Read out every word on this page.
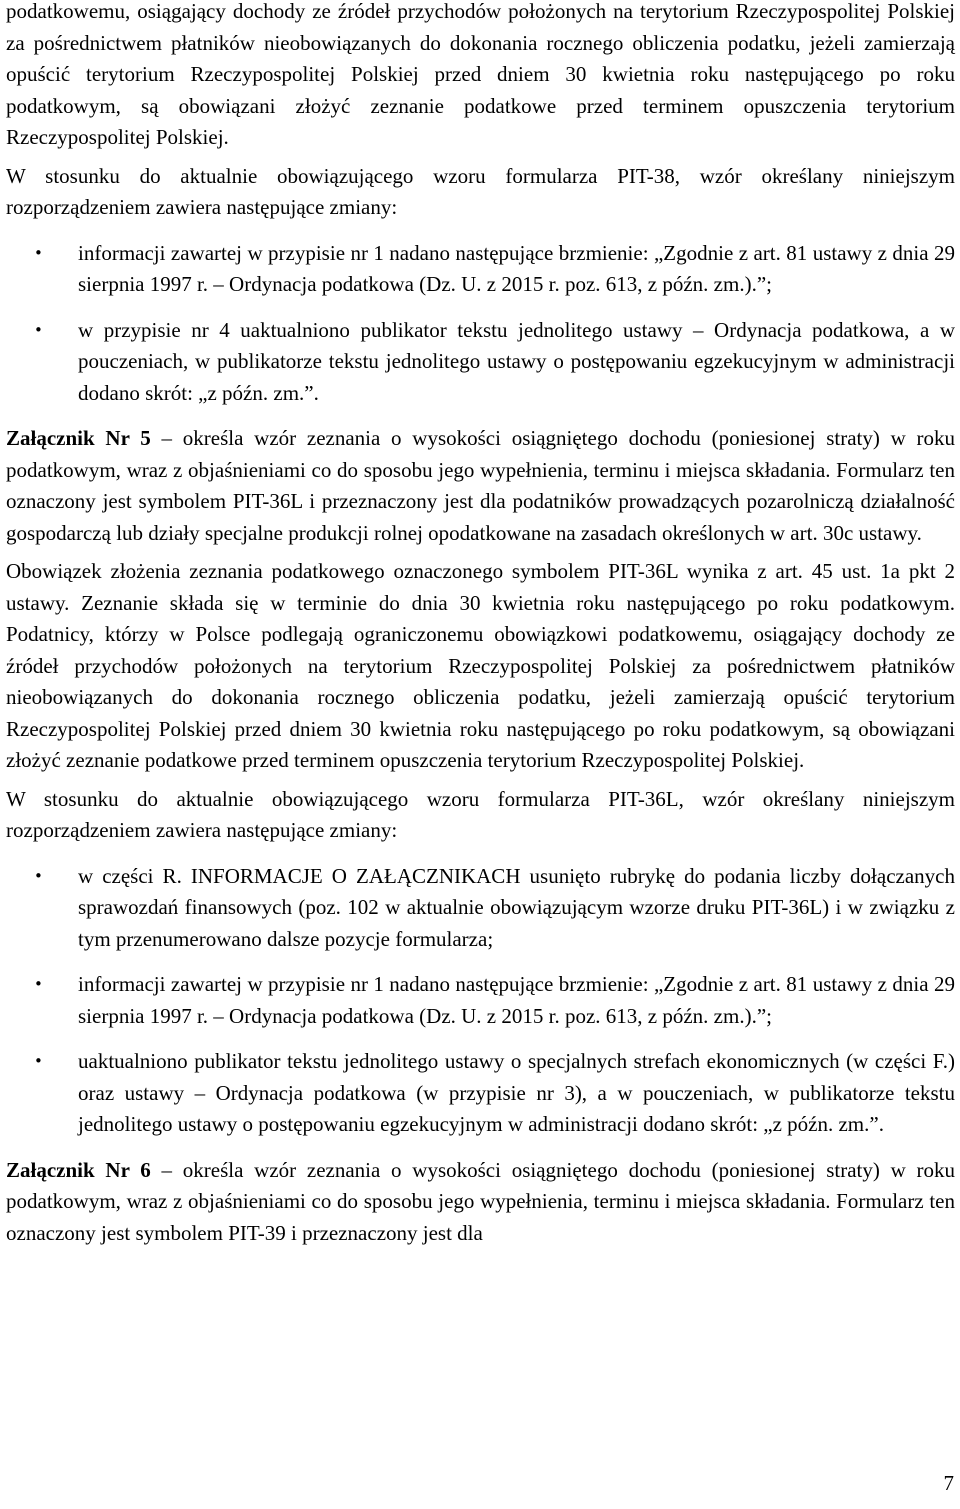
podatkowemu, osiągający dochody ze źródeł przychodów położonych na terytorium Rzeczypospolitej Polskiej za pośrednictwem płatników nieobowiązanych do dokonania rocznego obliczenia podatku, jeżeli zamierzają opuścić terytorium Rzeczypospolitej Polskiej przed dniem 30 kwietnia roku następującego po roku podatkowym, są obowiązani złożyć zeznanie podatkowe przed terminem opuszczenia terytorium Rzeczypospolitej Polskiej.

W stosunku do aktualnie obowiązującego wzoru formularza PIT-38, wzór określany niniejszym rozporządzeniem zawiera następujące zmiany:

• informacji zawartej w przypisie nr 1 nadano następujące brzmienie: „Zgodnie z art. 81 ustawy z dnia 29 sierpnia 1997 r. – Ordynacja podatkowa (Dz. U. z 2015 r. poz. 613, z późn. zm.).”;
• w przypisie nr 4 uaktualniono publikator tekstu jednolitego ustawy – Ordynacja podatkowa, a w pouczeniach, w publikatorze tekstu jednolitego ustawy o postępowaniu egzekucyjnym w administracji dodano skrót: „z późn. zm.”.

Załącznik Nr 5 – określa wzór zeznania o wysokości osiągniętego dochodu (poniesionej straty) w roku podatkowym, wraz z objaśnieniami co do sposobu jego wypełnienia, terminu i miejsca składania. Formularz ten oznaczony jest symbolem PIT-36L i przeznaczony jest dla podatników prowadzących pozarolniczą działalność gospodarczą lub działy specjalne produkcji rolnej opodatkowane na zasadach określonych w art. 30c ustawy.

Obowiązek złożenia zeznania podatkowego oznaczonego symbolem PIT-36L wynika z art. 45 ust. 1a pkt 2 ustawy. Zeznanie składa się w terminie do dnia 30 kwietnia roku następującego po roku podatkowym. Podatnicy, którzy w Polsce podlegają ograniczonemu obowiązkowi podatkowemu, osiągający dochody ze źródeł przychodów położonych na terytorium Rzeczypospolitej Polskiej za pośrednictwem płatników nieobowiązanych do dokonania rocznego obliczenia podatku, jeżeli zamierzają opuścić terytorium Rzeczypospolitej Polskiej przed dniem 30 kwietnia roku następującego po roku podatkowym, są obowiązani złożyć zeznanie podatkowe przed terminem opuszczenia terytorium Rzeczypospolitej Polskiej.

W stosunku do aktualnie obowiązującego wzoru formularza PIT-36L, wzór określany niniejszym rozporządzeniem zawiera następujące zmiany:

• w części R. INFORMACJE O ZAŁĄCZNIKACH usunięto rubrykę do podania liczby dołączanych sprawozdań finansowych (poz. 102 w aktualnie obowiązującym wzorze druku PIT-36L) i w związku z tym przenumerowano dalsze pozycje formularza;
• informacji zawartej w przypisie nr 1 nadano następujące brzmienie: „Zgodnie z art. 81 ustawy z dnia 29 sierpnia 1997 r. – Ordynacja podatkowa (Dz. U. z 2015 r. poz. 613, z późn. zm.).”;
• uaktualniono publikator tekstu jednolitego ustawy o specjalnych strefach ekonomicznych (w części F.) oraz ustawy – Ordynacja podatkowa (w przypisie nr 3), a w pouczeniach, w publikatorze tekstu jednolitego ustawy o postępowaniu egzekucyjnym w administracji dodano skrót: „z późn. zm.”.

Załącznik Nr 6 – określa wzór zeznania o wysokości osiągniętego dochodu (poniesionej straty) w roku podatkowym, wraz z objaśnieniami co do sposobu jego wypełnienia, terminu i miejsca składania. Formularz ten oznaczony jest symbolem PIT-39 i przeznaczony jest dla

7
